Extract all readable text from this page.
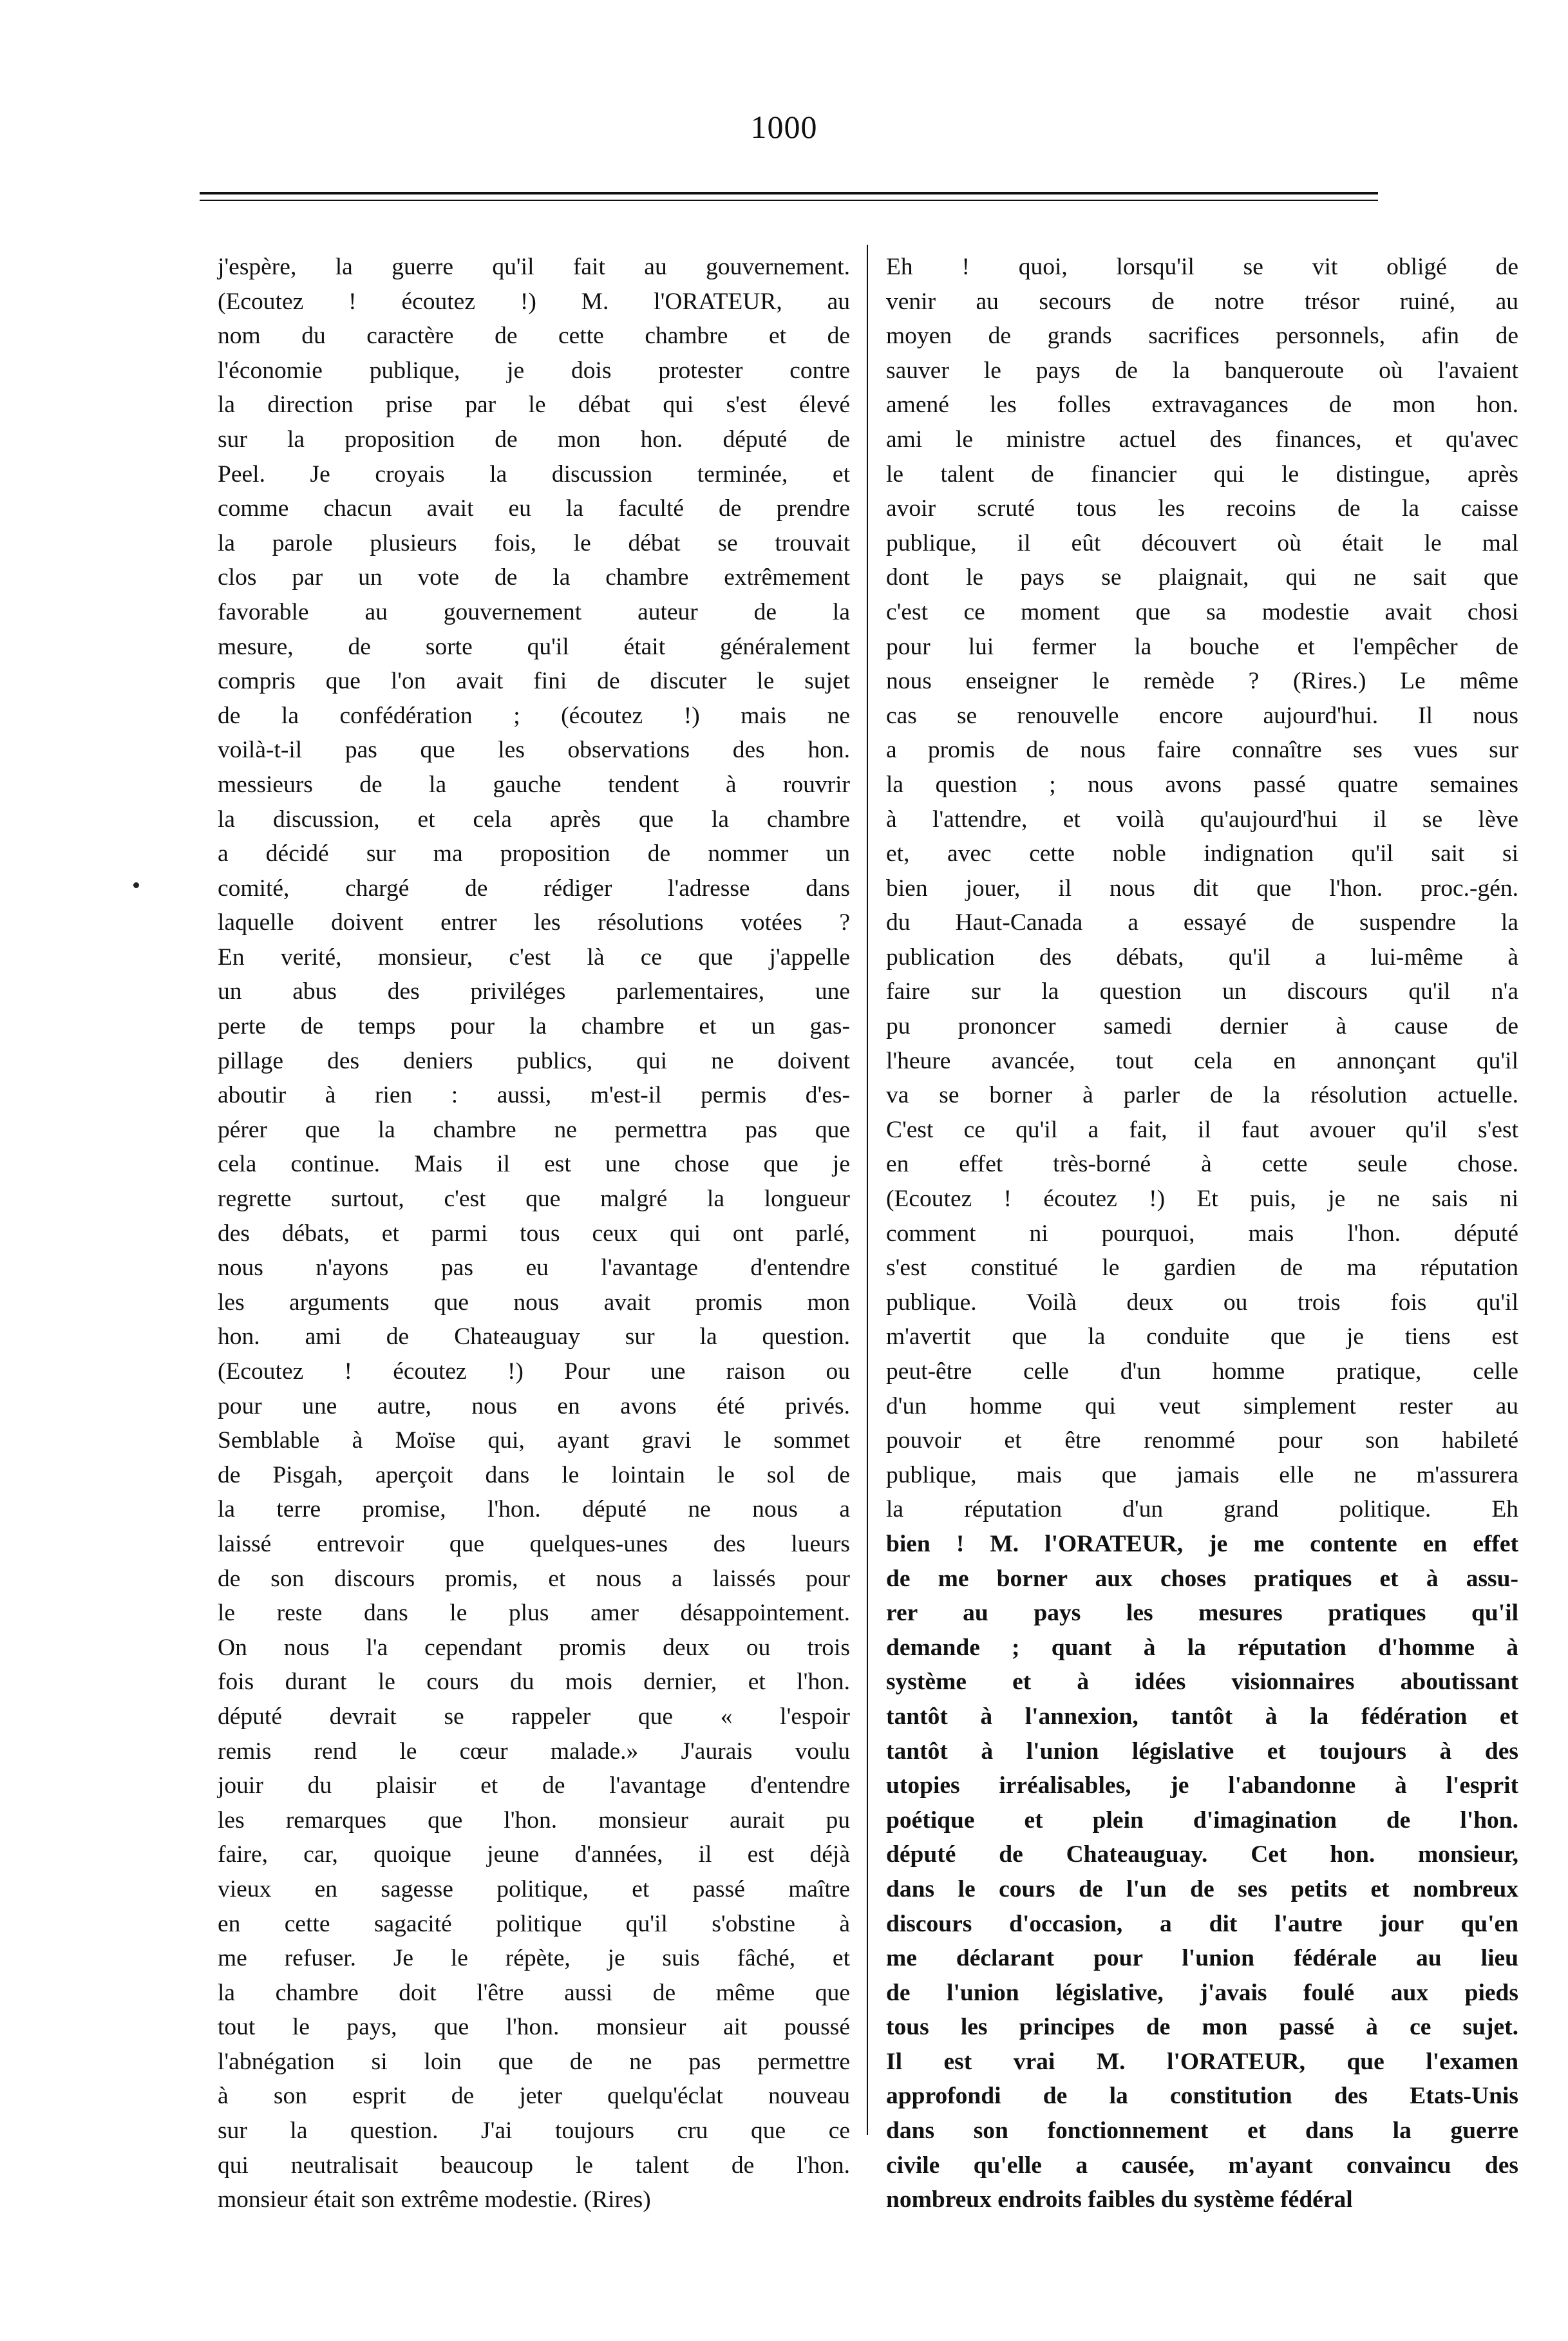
1000
j'espère, la guerre qu'il fait au gouvernement.
(Ecoutez ! écoutez !) M. l'ORATEUR, au
nom du caractère de cette chambre et de
l'économie publique, je dois protester contre
la direction prise par le débat qui s'est élevé
sur la proposition de mon hon. député de
Peel. Je croyais la discussion terminée, et
comme chacun avait eu la faculté de prendre
la parole plusieurs fois, le débat se trouvait
clos par un vote de la chambre extrêmement
favorable au gouvernement auteur de la
mesure, de sorte qu'il était généralement
compris que l'on avait fini de discuter le sujet
de la confédération ; (écoutez !) mais ne
voilà-t-il pas que les observations des hon.
messieurs de la gauche tendent à rouvrir
la discussion, et cela après que la chambre
a décidé sur ma proposition de nommer un
comité, chargé de rédiger l'adresse dans
laquelle doivent entrer les résolutions votées ?
En verité, monsieur, c'est là ce que j'appelle
un abus des priviléges parlementaires, une
perte de temps pour la chambre et un gas-
pillage des deniers publics, qui ne doivent
aboutir à rien : aussi, m'est-il permis d'es-
pérer que la chambre ne permettra pas que
cela continue. Mais il est une chose que je
regrette surtout, c'est que malgré la longueur
des débats, et parmi tous ceux qui ont parlé,
nous n'ayons pas eu l'avantage d'entendre
les arguments que nous avait promis mon
hon. ami de Chateauguay sur la question.
(Ecoutez ! écoutez !) Pour une raison ou
pour une autre, nous en avons été privés.
Semblable à Moïse qui, ayant gravi le sommet
de Pisgah, aperçoit dans le lointain le sol de
la terre promise, l'hon. député ne nous a
laissé entrevoir que quelques-unes des lueurs
de son discours promis, et nous a laissés pour
le reste dans le plus amer désappointement.
On nous l'a cependant promis deux ou trois
fois durant le cours du mois dernier, et l'hon.
député devrait se rappeler que « l'espoir
remis rend le cœur malade.» J'aurais voulu
jouir du plaisir et de l'avantage d'entendre
les remarques que l'hon. monsieur aurait pu
faire, car, quoique jeune d'années, il est déjà
vieux en sagesse politique, et passé maître
en cette sagacité politique qu'il s'obstine à
me refuser. Je le répète, je suis fâché, et
la chambre doit l'être aussi de même que
tout le pays, que l'hon. monsieur ait poussé
l'abnégation si loin que de ne pas permettre
à son esprit de jeter quelqu'éclat nouveau
sur la question. J'ai toujours cru que ce
qui neutralisait beaucoup le talent de l'hon.
monsieur était son extrême modestie. (Rires)
Eh ! quoi, lorsqu'il se vit obligé de
venir au secours de notre trésor ruiné, au
moyen de grands sacrifices personnels, afin de
sauver le pays de la banqueroute où l'avaient
amené les folles extravagances de mon hon.
ami le ministre actuel des finances, et qu'avec
le talent de financier qui le distingue, après
avoir scruté tous les recoins de la caisse
publique, il eût découvert où était le mal
dont le pays se plaignait, qui ne sait que
c'est ce moment que sa modestie avait chosi
pour lui fermer la bouche et l'empêcher de
nous enseigner le remède ? (Rires.) Le même
cas se renouvelle encore aujourd'hui. Il nous
a promis de nous faire connaître ses vues sur
la question ; nous avons passé quatre semaines
à l'attendre, et voilà qu'aujourd'hui il se lève
et, avec cette noble indignation qu'il sait si
bien jouer, il nous dit que l'hon. proc.-gén.
du Haut-Canada a essayé de suspendre la
publication des débats, qu'il a lui-même à
faire sur la question un discours qu'il n'a
pu prononcer samedi dernier à cause de
l'heure avancée, tout cela en annonçant qu'il
va se borner à parler de la résolution actuelle.
C'est ce qu'il a fait, il faut avouer qu'il s'est
en effet très-borné à cette seule chose.
(Ecoutez ! écoutez !) Et puis, je ne sais ni
comment ni pourquoi, mais l'hon. député
s'est constitué le gardien de ma réputation
publique. Voilà deux ou trois fois qu'il
m'avertit que la conduite que je tiens est
peut-être celle d'un homme pratique, celle
d'un homme qui veut simplement rester au
pouvoir et être renommé pour son habileté
publique, mais que jamais elle ne m'assurera
la réputation d'un grand politique. Eh
bien ! M. l'ORATEUR, je me contente en effet
de me borner aux choses pratiques et à assu-
rer au pays les mesures pratiques qu'il
demande ; quant à la réputation d'homme à
système et à idées visionnaires aboutissant
tantôt à l'annexion, tantôt à la fédération et
tantôt à l'union législative et toujours à des
utopies irréalisables, je l'abandonne à l'esprit
poétique et plein d'imagination de l'hon.
député de Chateauguay. Cet hon. monsieur,
dans le cours de l'un de ses petits et nombreux
discours d'occasion, a dit l'autre jour qu'en
me déclarant pour l'union fédérale au lieu
de l'union législative, j'avais foulé aux pieds
tous les principes de mon passé à ce sujet.
Il est vrai M. l'ORATEUR, que l'examen
approfondi de la constitution des Etats-Unis
dans son fonctionnement et dans la guerre
civile qu'elle a causée, m'ayant convaincu des
nombreux endroits faibles du système fédéral
